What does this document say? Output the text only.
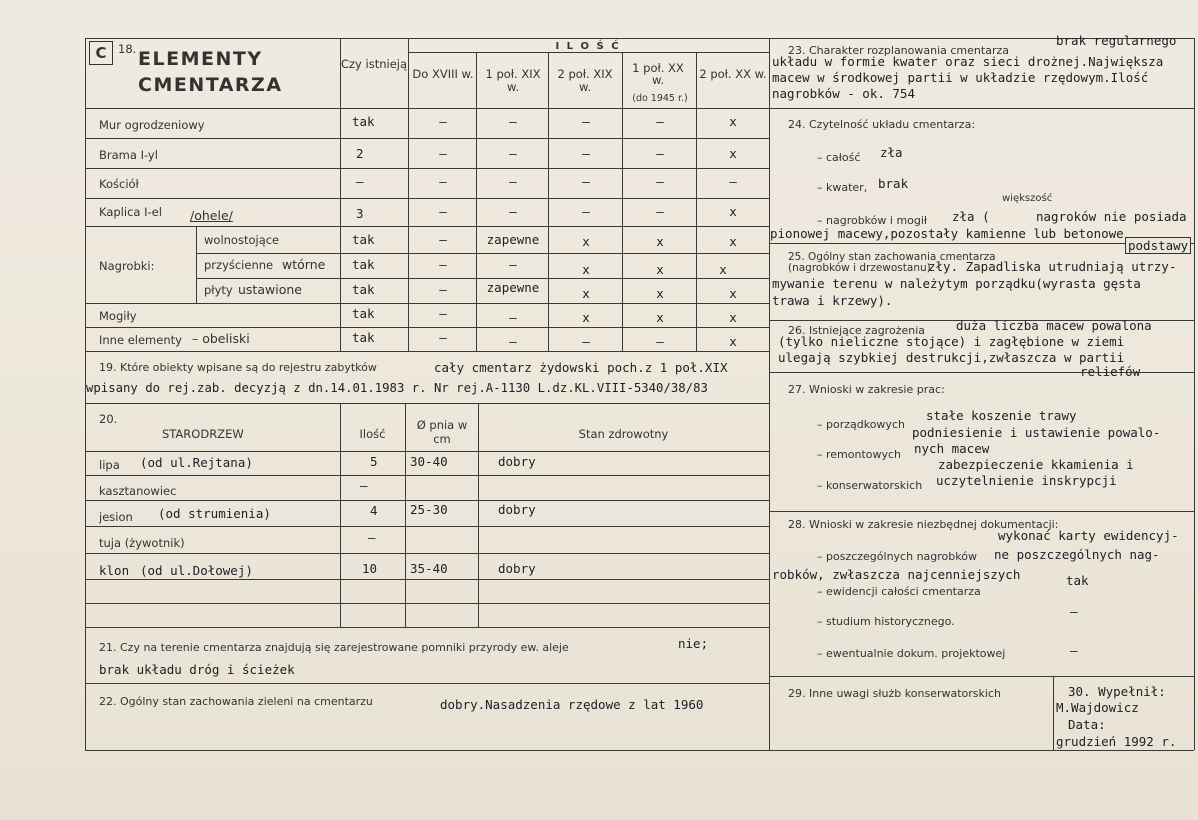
C	18. ELEMENTY
CMENTARZA
Czy istnieją
I L O Ś Ć
Do XVIII w.	1 poł. XIX w.
2 poł. XIX w.
1 poł. XX w.
(do 1945 r.)
2 poł. XX w.
Mur ogrodzeniowy	tak	–	–	–	–	x
Brama I-yl	2	–	–	–	–	x
Kościół	–	–	–	–	–	–
Kaplica I-el /ohele/	3	–	–	–	–	x
Nagrobki:
wolnostojące	tak	–	zapewne	x	x	x
przyścienne wtórne tak	–	–	x	x	x
płyty ustawione	tak	–	zapewne	x	x	x
Mogiły	tak	–	–	x	x	x
Inne elementy – obeliski	tak	–	–	–	–	x
19. Które obiekty wpisane są do rejestru zabytków	cały cmentarz żydowski poch.z 1 poł.XIX
wpisany do rej.zab. decyzją z dn.14.01.1983 r. Nr rej.A-1130 L.dz.KL.VIII-5340/38/83
20.
STARODRZEW	Ilość
Ø pnia w cm	Stan zdrowotny
lipa (od ul.Rejtana)	5	30-40	dobry
kasztanowiec	–
jesion (od strumienia)	4	25-30	dobry
tuja (żywotnik)	–
klon (od ul.Dołowej)	10	35-40	dobry
21. Czy na terenie cmentarza znajdują się zarejestrowane pomniki przyrody ew. aleje	nie;
brak układu dróg i ścieżek
22. Ogólny stan zachowania zieleni na cmentarzu	dobry.Nasadzenia rzędowe z lat 1960
23. Charakter rozplanowania cmentarza
brak regularnego
układu w formie kwater oraz sieci drożnej.Największa
macew w środkowej partii w układzie rzędowym.Ilość
nagrobków - ok. 754
24. Czytelność układu cmentarza:
– całość zła
– kwater, brak
– nagrobków i mogił zła (
większość
nagroków nie posiada
pionowej macewy,pozostały kamienne lub betonowe
podstawy
25. Ogólny stan zachowania cmentarza (nagrobków i drzewostanu)
zły. Zapadliska utrudniają utrzy-
mywanie terenu w należytym porządku(wyrasta gęsta
trawa i krzewy).
26. Istniejące zagrożenia duża liczba macew powalona
(tylko nieliczne stojące) i zagłębione w ziemi
ulegają szybkiej destrukcji,zwłaszcza w partii
reliefów
27. Wnioski w zakresie prac:
– porządkowych
stałe koszenie trawy
podniesienie i ustawienie powalo-
– remontowych nych macew
zabezpieczenie kkamienia i
– konserwatorskich uczytelnienie inskrypcji
28. Wnioski w zakresie niezbędnej dokumentacji:
wykonać karty ewidencyj-
– poszczególnych nagrobków ne poszczególnych nag-
robków, zwłaszcza najcenniejszych
– ewidencji całości cmentarza
tak
– studium historycznego.
–
– ewentualnie dokum. projektowej	–
29. Inne uwagi służb konserwatorskich	30. Wypełnił:
M.Wajdowicz
Data:
grudzień 1992 r.
